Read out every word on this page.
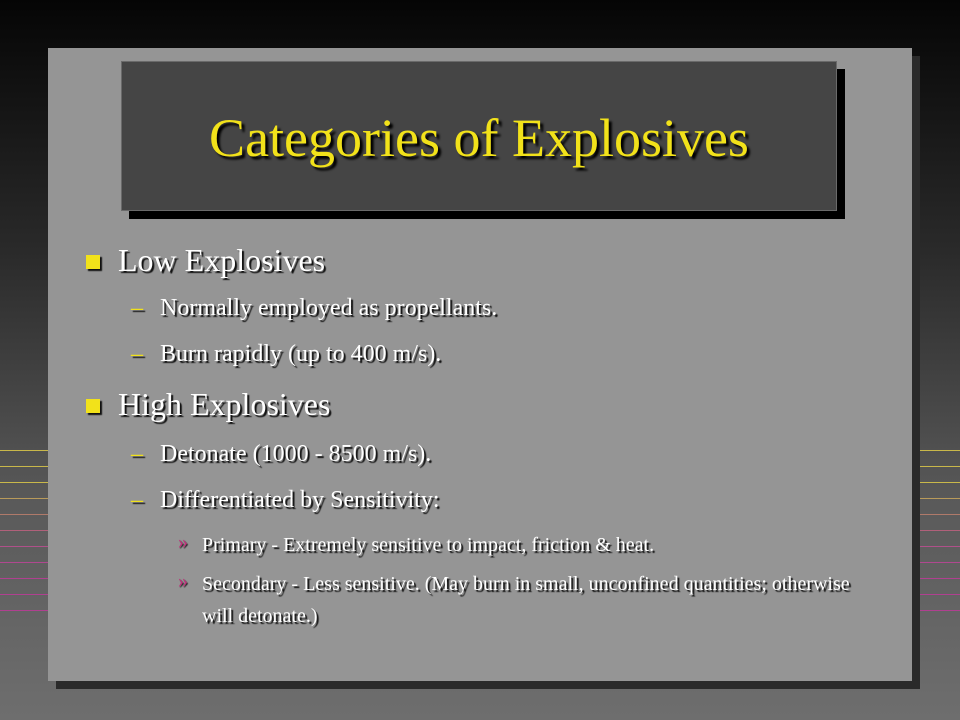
Categories of Explosives
Low Explosives
– Normally employed as propellants.
– Burn rapidly (up to 400 m/s).
High Explosives
– Detonate (1000 - 8500 m/s).
– Differentiated by Sensitivity:
» Primary - Extremely sensitive to impact, friction & heat.
» Secondary - Less sensitive. (May burn in small, unconfined quantities; otherwise will detonate.)
